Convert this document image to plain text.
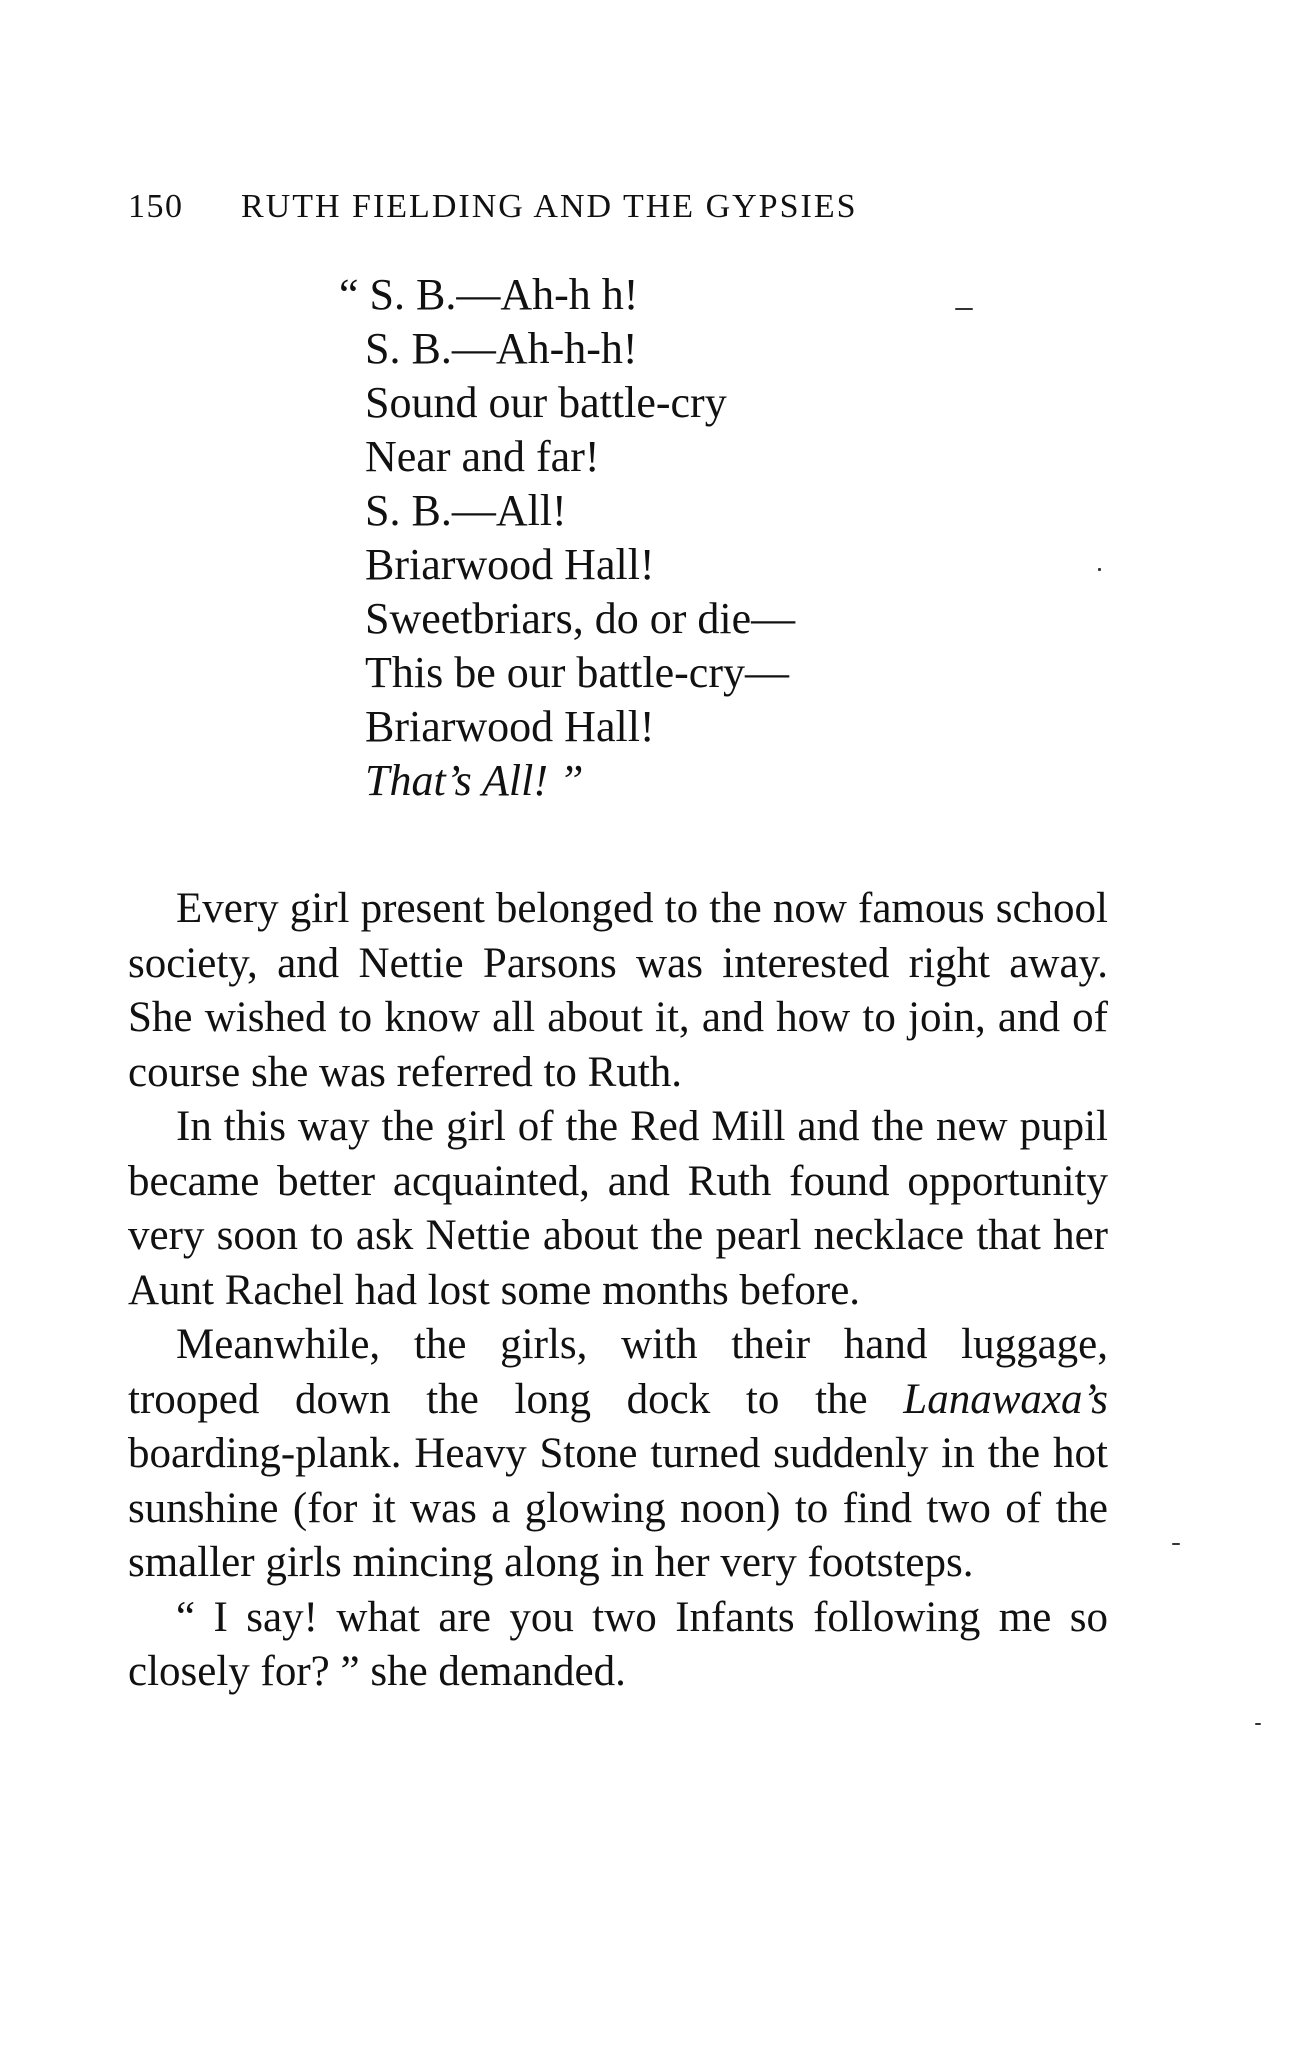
150 RUTH FIELDING AND THE GYPSIES
“ S. B.—Ah-h h!
S. B.—Ah-h-h!
Sound our battle-cry
Near and far!
S. B.—All!
Briarwood Hall!
Sweetbriars, do or die—
This be our battle-cry—
Briarwood Hall!
That’s All! ”

Every girl present belonged to the now famous school society, and Nettie Parsons was interested right away. She wished to know all about it, and how to join, and of course she was referred to Ruth.

In this way the girl of the Red Mill and the new pupil became better acquainted, and Ruth found opportunity very soon to ask Nettie about the pearl necklace that her Aunt Rachel had lost some months before.

Meanwhile, the girls, with their hand luggage, trooped down the long dock to the Lanawaxa’s boarding-plank. Heavy Stone turned suddenly in the hot sunshine (for it was a glowing noon) to find two of the smaller girls mincing along in her very footsteps.

“ I say! what are you two Infants following me so closely for? ” she demanded.
